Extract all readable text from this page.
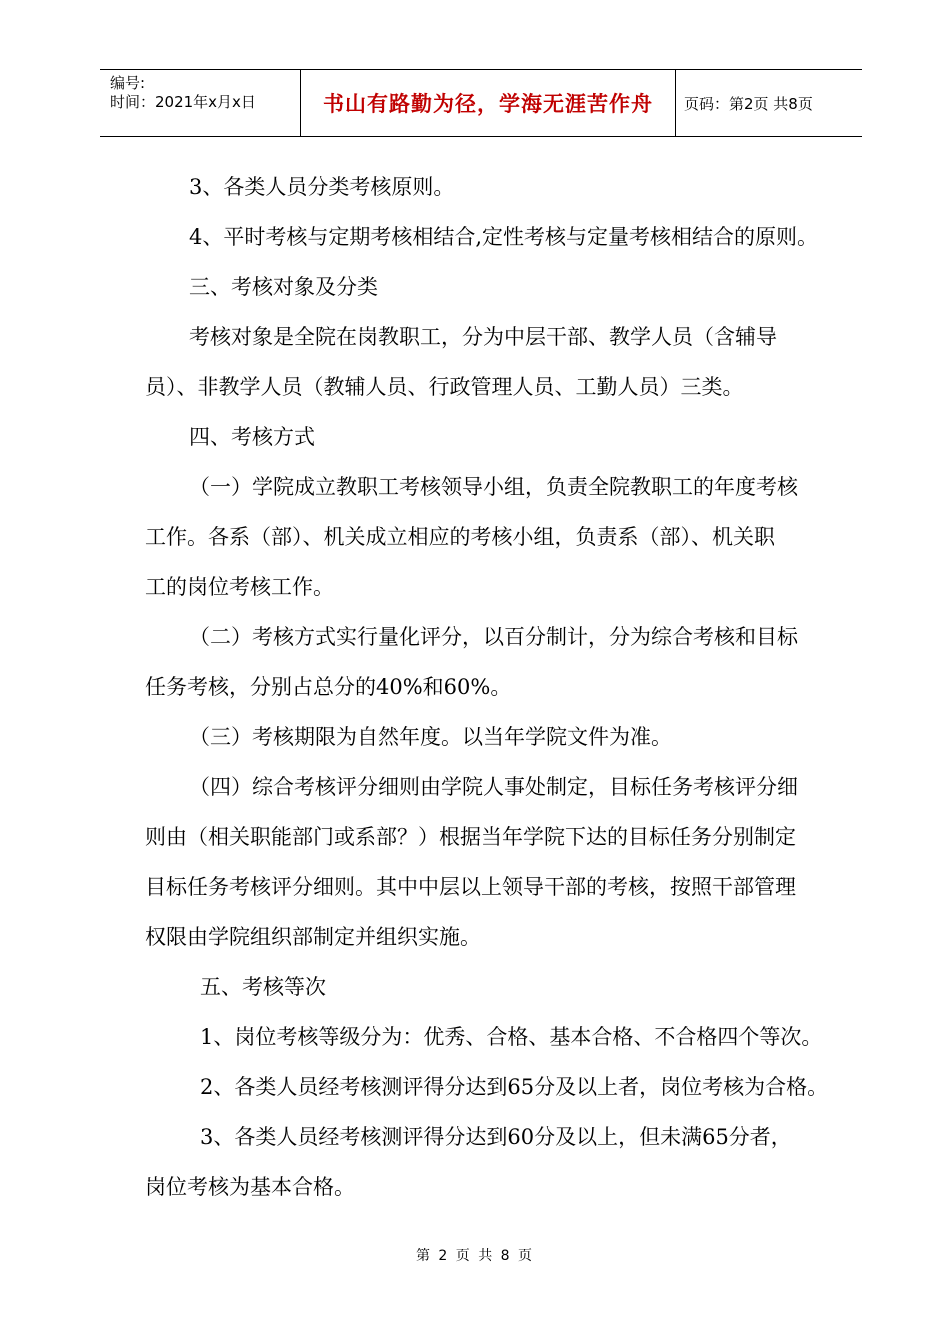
编号:
时间：2021年x月x日	书山有路勤为径，学海无涯苦作舟	页码：第2页 共8页

3、各类人员分类考核原则。

4、平时考核与定期考核相结合,定性考核与定量考核相结合的原则。

三、考核对象及分类

考核对象是全院在岗教职工，分为中层干部、教学人员（含辅导

员）、非教学人员（教辅人员、行政管理人员、工勤人员）三类。

四、考核方式

（一）学院成立教职工考核领导小组，负责全院教职工的年度考核

工作。各系（部）、机关成立相应的考核小组，负责系（部）、机关职

工的岗位考核工作。

（二）考核方式实行量化评分，以百分制计，分为综合考核和目标

任务考核，分别占总分的40%和60%。

（三）考核期限为自然年度。以当年学院文件为准。

（四）综合考核评分细则由学院人事处制定，目标任务考核评分细

则由（相关职能部门或系部？）根据当年学院下达的目标任务分别制定

目标任务考核评分细则。其中中层以上领导干部的考核，按照干部管理

权限由学院组织部制定并组织实施。

五、考核等次

1、岗位考核等级分为：优秀、合格、基本合格、不合格四个等次。

2、各类人员经考核测评得分达到65分及以上者，岗位考核为合格。

3、各类人员经考核测评得分达到60分及以上，但未满65分者，

岗位考核为基本合格。

第 2 页 共 8 页
